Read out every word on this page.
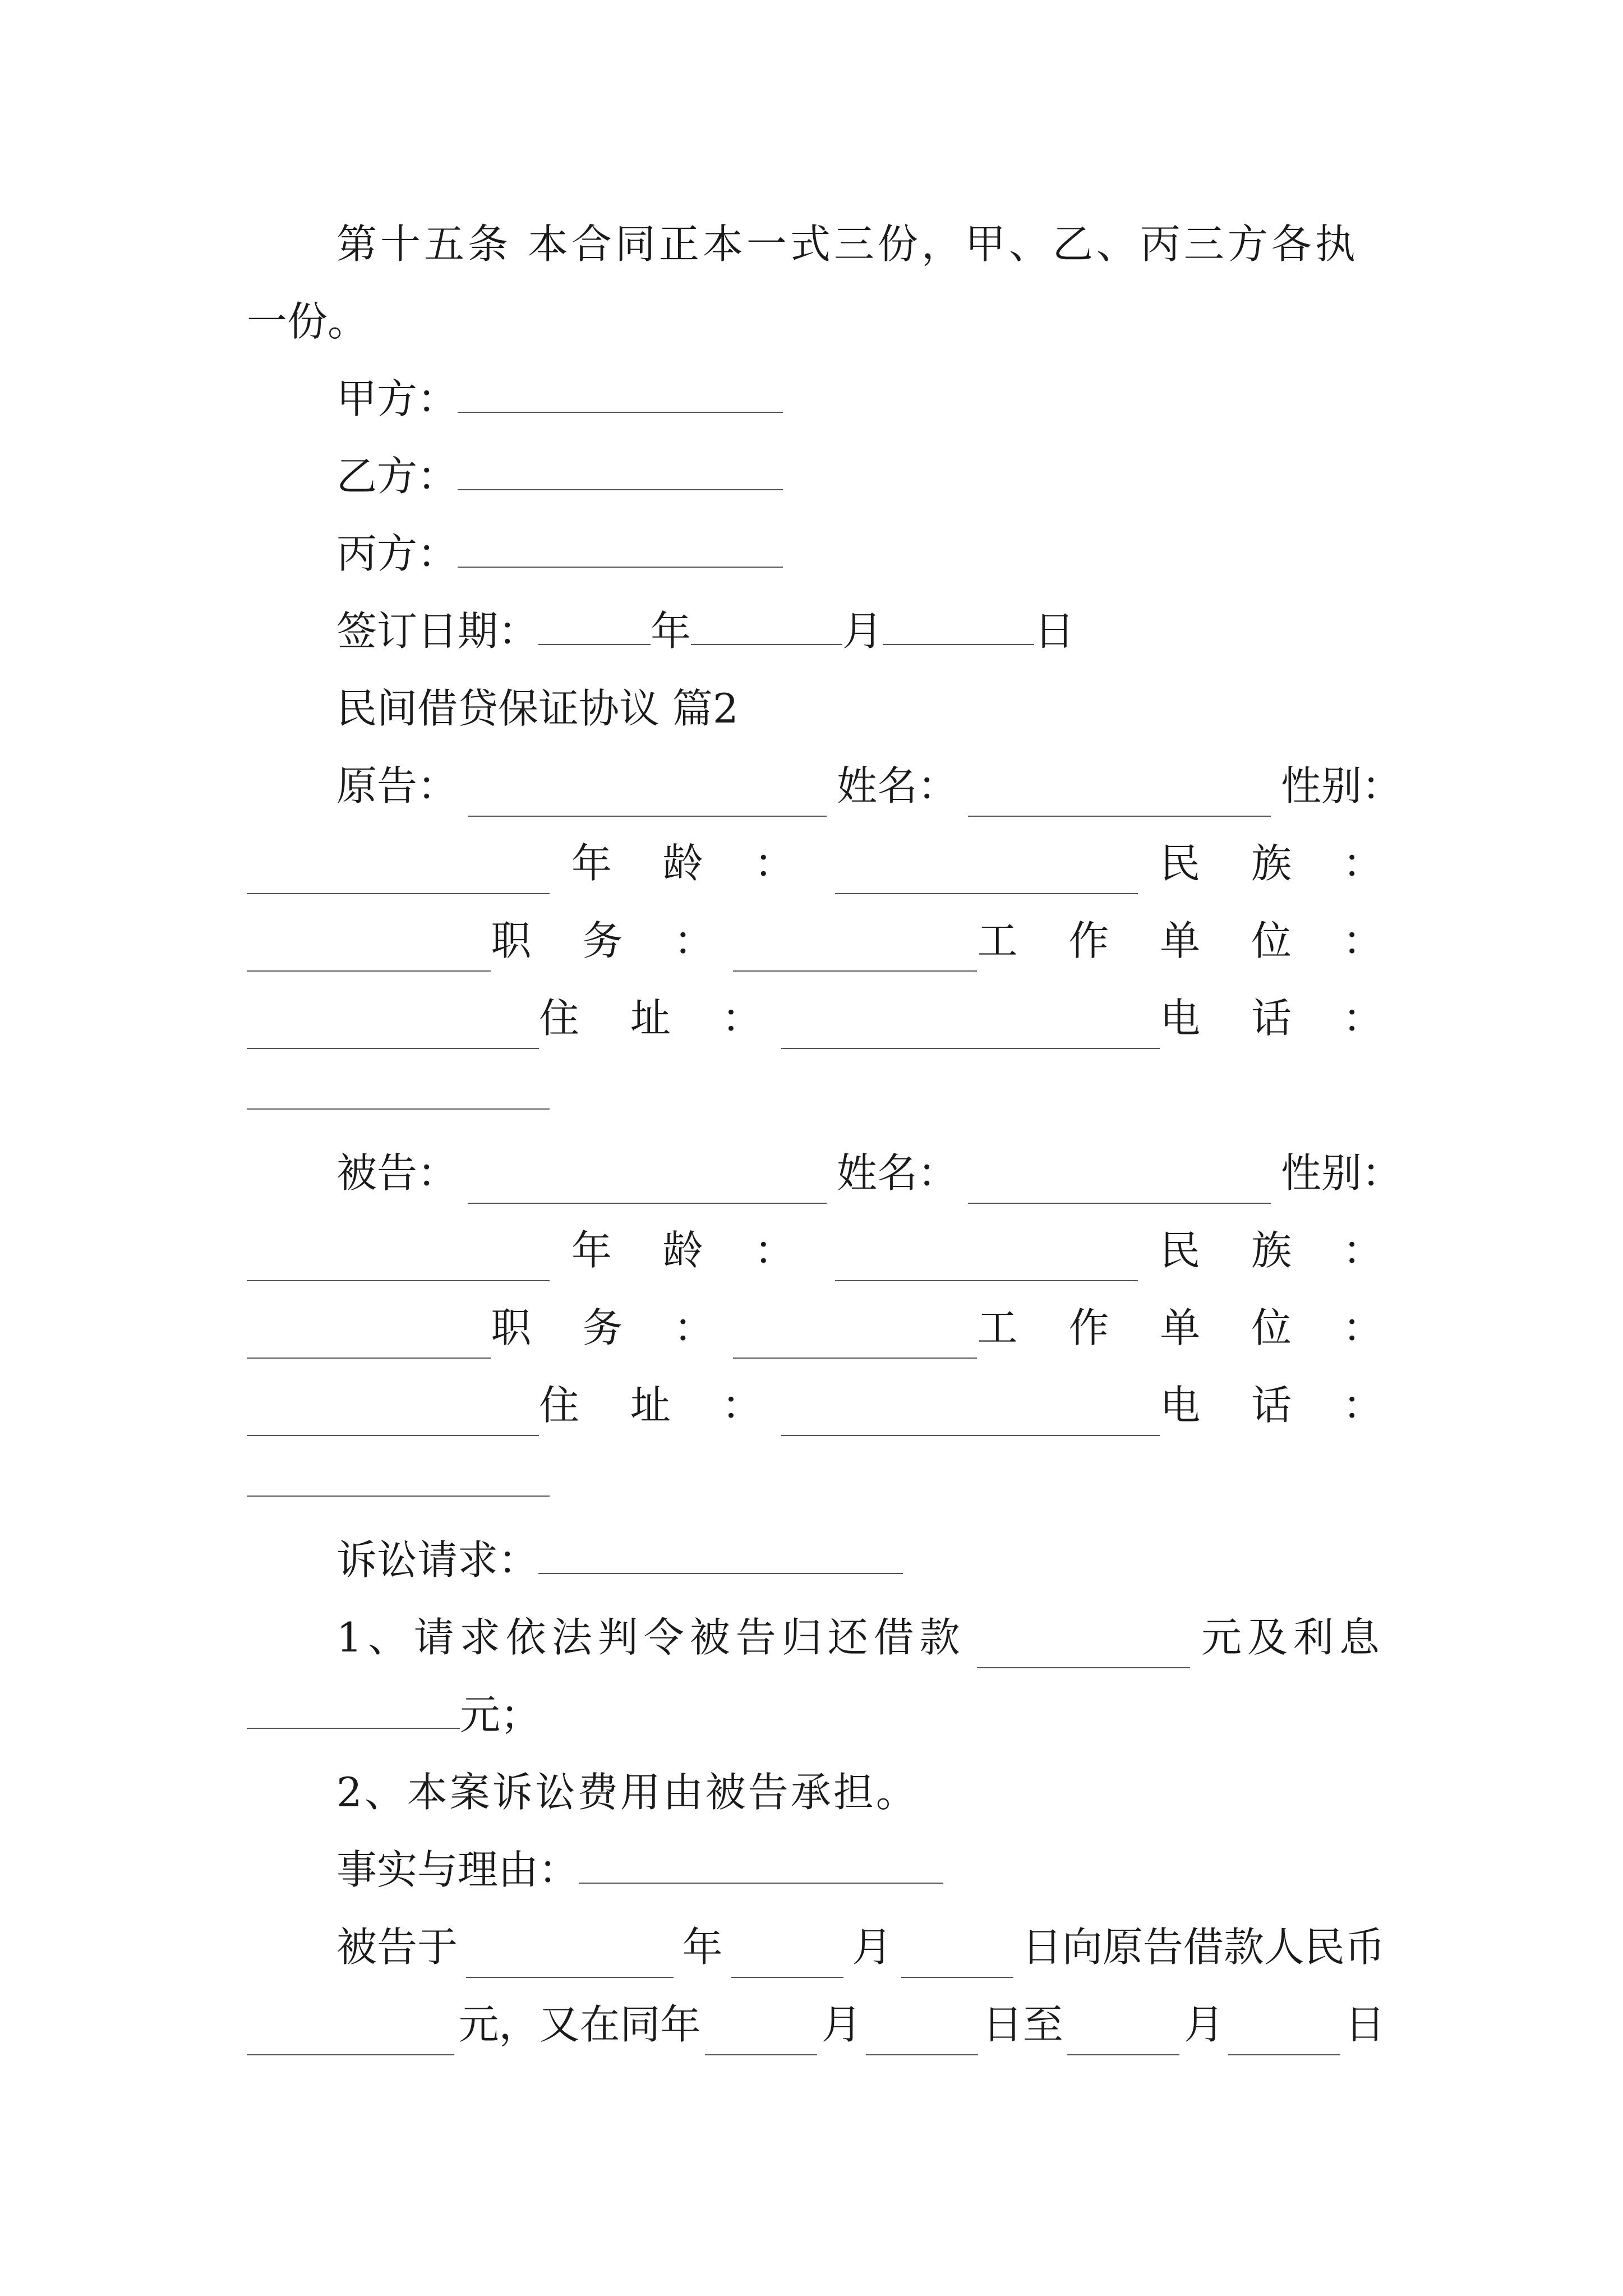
第十五条 本合同正本一式三份，甲、乙、丙三方各执
一份。
甲方：
乙方：
丙方：
签订日期：	年	月	日
民间借贷保证协议 篇2
原告：	姓名：	性别：
年 龄 ：	民 族 ：
职 务 ：	工 作 单 位 ：
住 址 ：	电 话 ：
被告：	姓名：	性别：
年 龄 ：	民 族 ：
职 务 ：	工 作 单 位 ：
住 址 ：	电 话 ：
诉讼请求：
1、请求依法判令被告归还借款	元及利息
元；
2、本案诉讼费用由被告承担。
事实与理由：
被告于	年	月	日向原告借款人民币
元，又在同年	月	日至	月	日
